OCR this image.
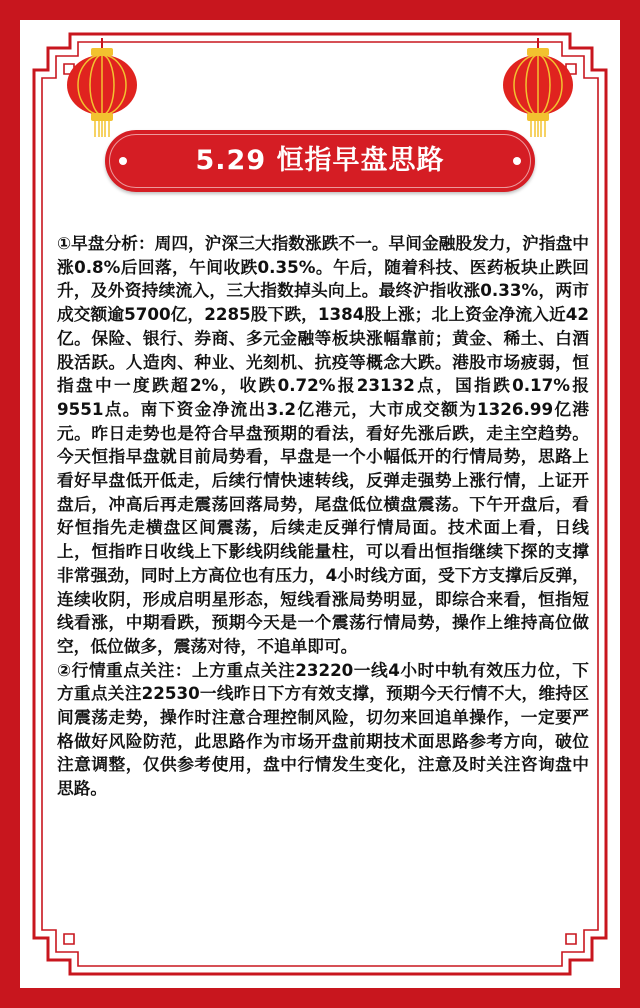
5.29 恒指早盘思路

①早盘分析：周四，沪深三大指数涨跌不一。早间金融股发力，沪指盘中涨0.8%后回落，午间收跌0.35%。午后，随着科技、医药板块止跌回升，及外资持续流入，三大指数掉头向上。最终沪指收涨0.33%，两市成交额逾5700亿，2285股下跌，1384股上涨；北上资金净流入近42亿。保险、银行、券商、多元金融等板块涨幅靠前；黄金、稀土、白酒股活跃。人造肉、种业、光刻机、抗疫等概念大跌。港股市场疲弱，恒指盘中一度跌超2%，收跌0.72%报23132点，国指跌0.17%报9551点。南下资金净流出3.2亿港元，大市成交额为1326.99亿港元。昨日走势也是符合早盘预期的看法，看好先涨后跌，走主空趋势。今天恒指早盘就目前局势看，早盘是一个小幅低开的行情局势，思路上看好早盘低开低走，后续行情快速转线，反弹走强势上涨行情，上证开盘后，冲高后再走震荡回落局势，尾盘低位横盘震荡。下午开盘后，看好恒指先走横盘区间震荡，后续走反弹行情局面。技术面上看，日线上，恒指昨日收线上下影线阴线能量柱，可以看出恒指继续下探的支撑非常强劲，同时上方高位也有压力，4小时线方面，受下方支撑后反弹，连续收阴，形成启明星形态，短线看涨局势明显，即综合来看，恒指短线看涨，中期看跌，预期今天是一个震荡行情局势，操作上维持高位做空，低位做多，震荡对待，不追单即可。

②行情重点关注：上方重点关注23220一线4小时中轨有效压力位，下方重点关注22530一线昨日下方有效支撑，预期今天行情不大，维持区间震荡走势，操作时注意合理控制风险，切勿来回追单操作，一定要严格做好风险防范，此思路作为市场开盘前期技术面思路参考方向，破位注意调整，仅供参考使用，盘中行情发生变化，注意及时关注咨询盘中思路。
